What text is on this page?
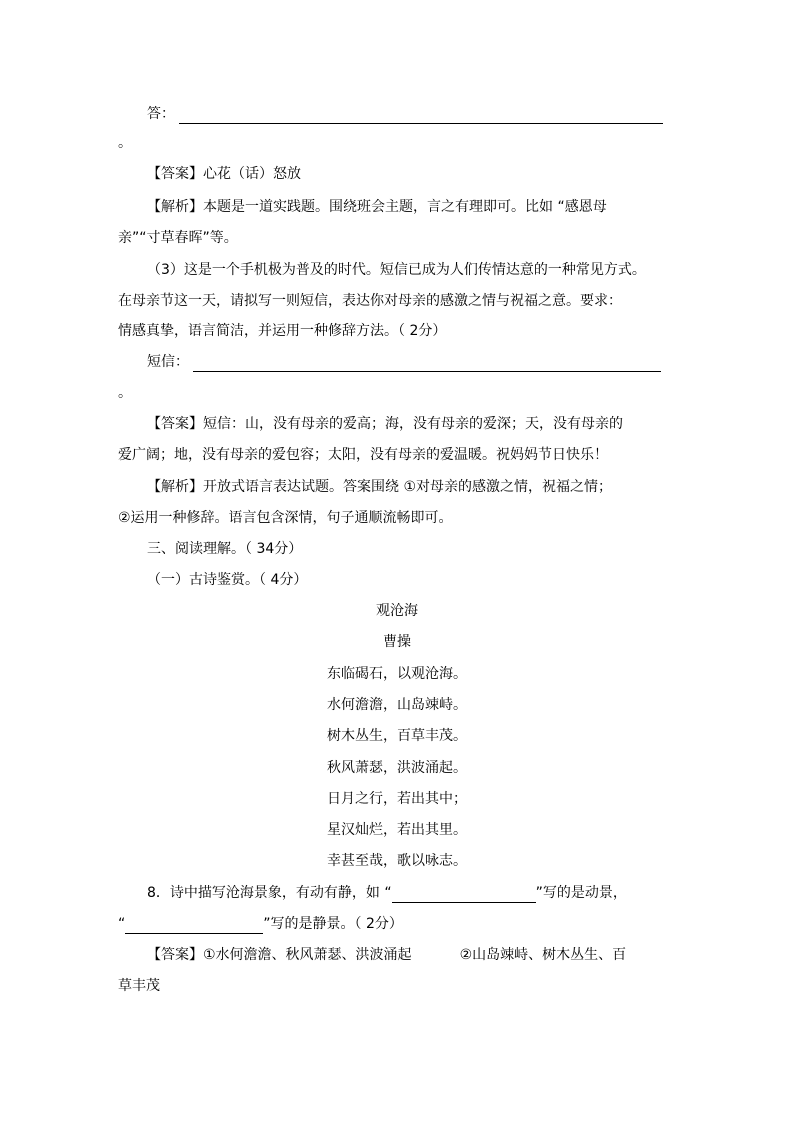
答：
。
【答案】心花（话）怒放
【解析】本题是一道实践题。围绕班会主题，言之有理即可。比如 “感恩母
亲”“寸草春晖”等。
（3）这是一个手机极为普及的时代。短信已成为人们传情达意的一种常见方式。
在母亲节这一天，请拟写一则短信，表达你对母亲的感激之情与祝福之意。要求：
情感真挚，语言简洁，并运用一种修辞方法。（ 2分）
短信：
。
【答案】短信：山，没有母亲的爱高；海，没有母亲的爱深；天，没有母亲的
爱广阔；地，没有母亲的爱包容；太阳，没有母亲的爱温暖。祝妈妈节日快乐！
【解析】开放式语言表达试题。答案围绕 ①对母亲的感激之情，祝福之情；
②运用一种修辞。语言包含深情，句子通顺流畅即可。
三、阅读理解。（ 34分）
（一）古诗鉴赏。（ 4分）
观沧海
曹操
东临碣石，以观沧海。
水何澹澹，山岛竦峙。
树木丛生，百草丰茂。
秋风萧瑟，洪波涌起。
日月之行，若出其中；
星汉灿烂，若出其里。
幸甚至哉，歌以咏志。
8．诗中描写沧海景象，有动有静，如 “	”写的是动景，
“	”写的是静景。（ 2分）
【答案】①水何澹澹、秋风萧瑟、洪波涌起	②山岛竦峙、树木丛生、百
草丰茂
